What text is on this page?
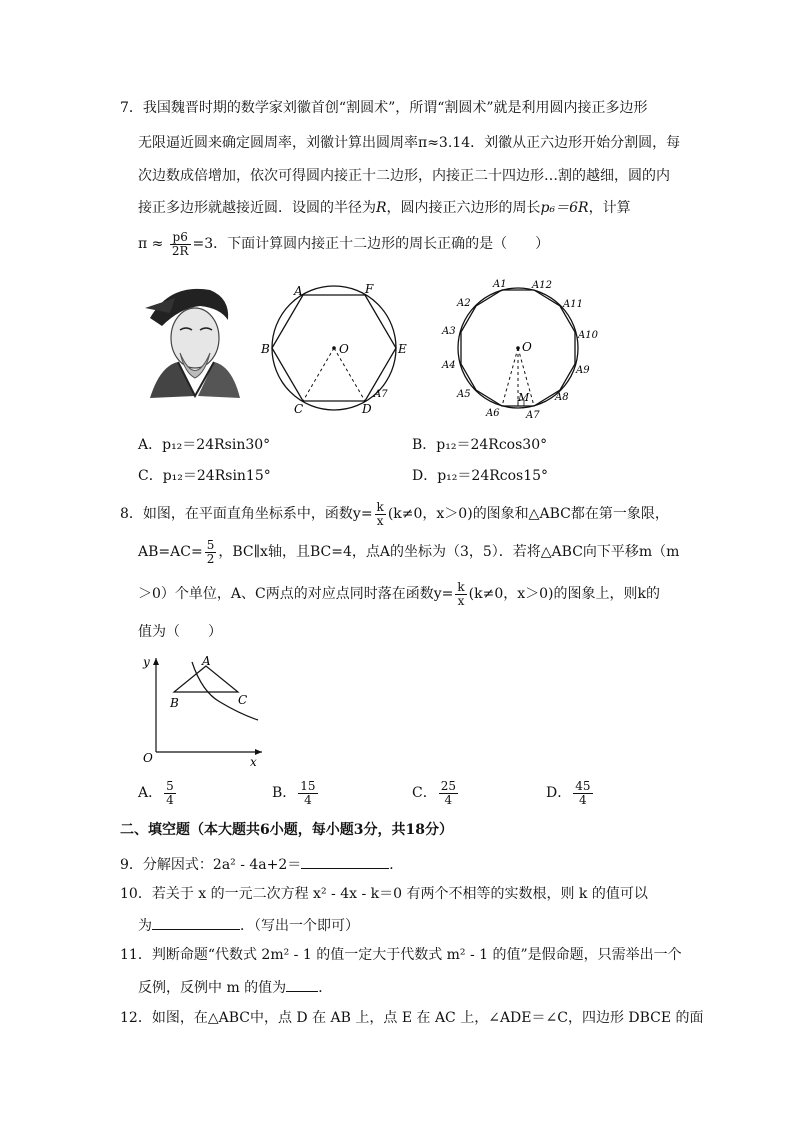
7．我国魏晋时期的数学家刘徽首创“割圆术”，所谓“割圆术”就是利用圆内接正多边形
无限逼近圆来确定圆周率，刘徽计算出圆周率π≈3.14．刘徽从正六边形开始分割圆，每
次边数成倍增加，依次可得圆内接正十二边形，内接正二十四边形…割的越细，圆的内
接正多边形就越接近圆．设圆的半径为R，圆内接正六边形的周长p₆＝6R，计算
$\pi \approx \frac{p6}{2R} =3$．下面计算圆内接正十二边形的周长正确的是（　　）
A	F
B	E
C	D
O
A7
A1	A12
A2	A11
A3	A10
A4	A9
A5	A8
A6	A7
O
M
A．p₁₂＝24Rsin30°	B．p₁₂＝24Rcos30°
C．p₁₂＝24Rsin15°	D．p₁₂＝24Rcos15°
8．如图，在平面直角坐标系中，函数$y= \frac{k}{x} (k\ne 0$，x＞0)的图象和△ABC都在第一象限，
$AB=AC= \frac{5}{2}$ ，BC∥x轴，且BC=4，点A的坐标为（3，5）．若将△ABC向下平移m（m
＞0）个单位，A、C两点的对应点同时落在函数$y= \frac{k}{x} (k\ne 0$，x＞0)的图象上，则k的
值为（　　）
y	A
B	C
O	x
A． $\frac{5}{4}$	B． $\frac{15}{4}$	C． $\frac{25}{4}$	D． $\frac{45}{4}$
二、填空题（本大题共6小题，每小题3分，共18分）
9．分解因式：2a² - 4a+2＝	．
10．若关于 x 的一元二次方程 x² - 4x - k＝0 有两个不相等的实数根，则 k 的值可以
为	．（写出一个即可）
11．判断命题“代数式 2m² - 1 的值一定大于代数式 m² - 1 的值”是假命题，只需举出一个
反例，反例中 m 的值为 ．
12．如图，在△ABC中，点 D 在 AB 上，点 E 在 AC 上，∠ADE＝∠C，四边形 DBCE 的面
